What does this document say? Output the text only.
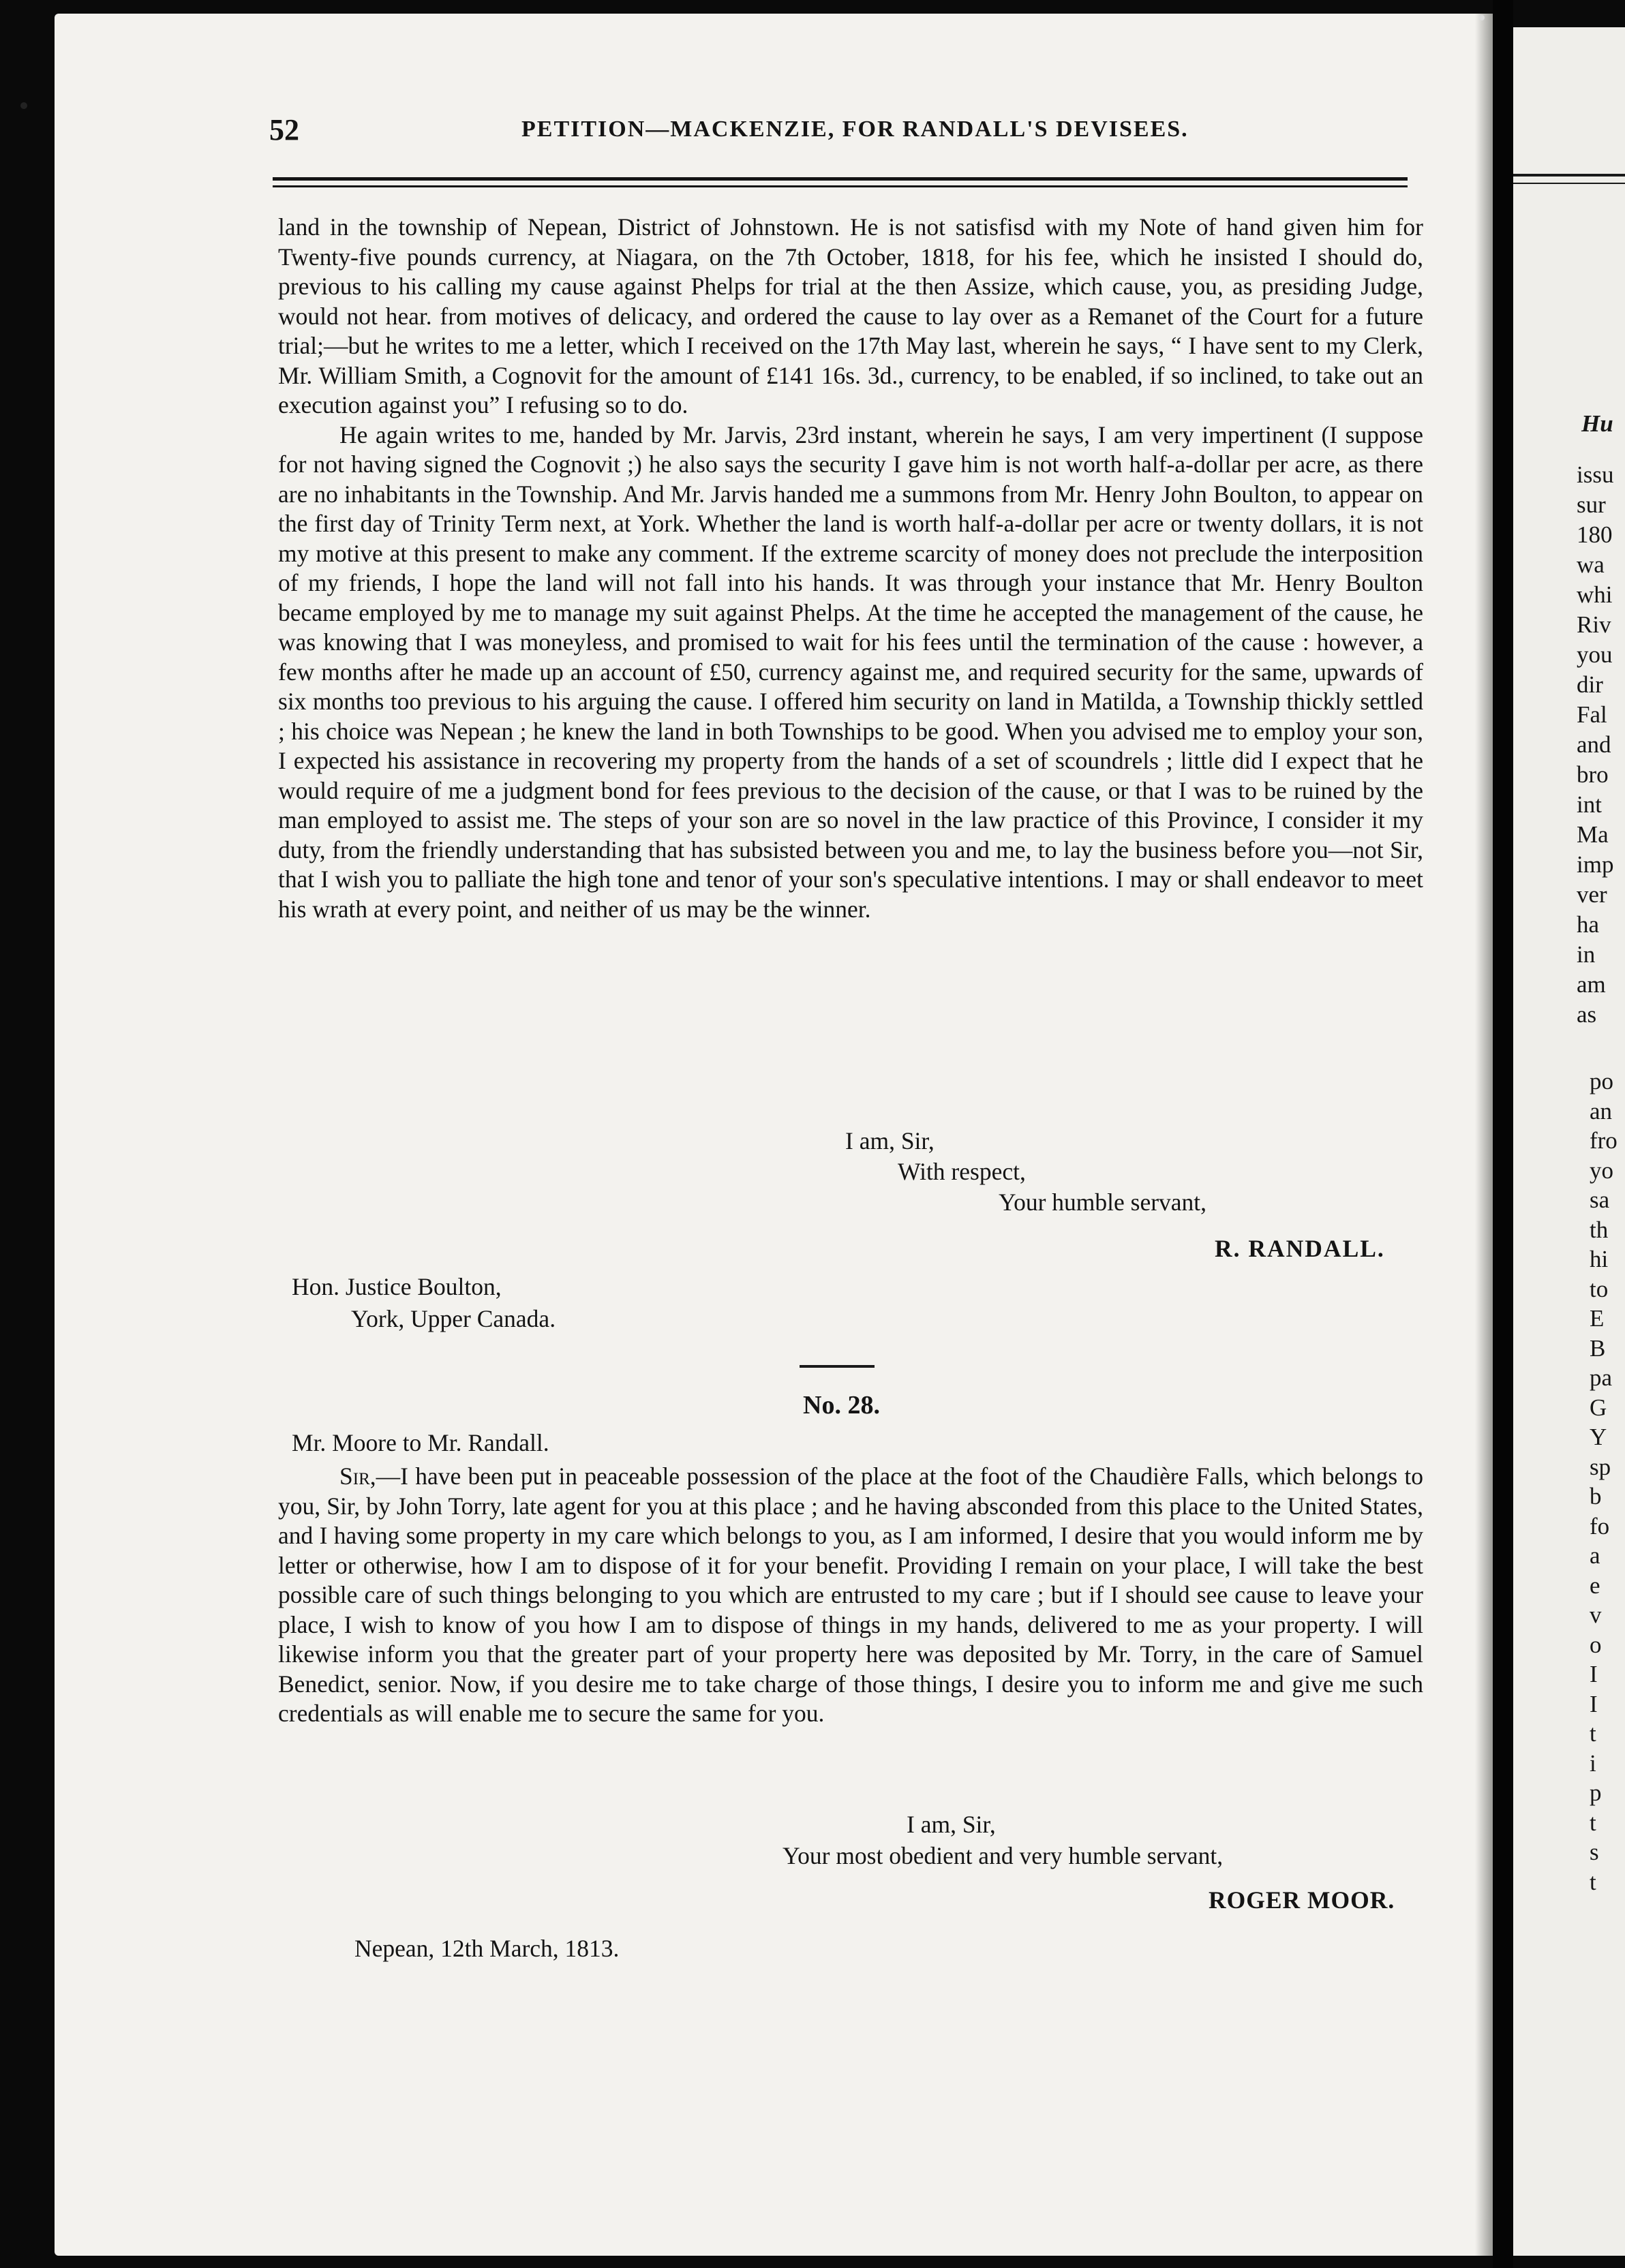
52	PETITION—MACKENZIE, FOR RANDALL'S DEVISEES.

land in the township of Nepean, District of Johnstown. He is not satisfisd with my Note of hand given him for Twenty-five pounds currency, at Niagara, on the 7th October, 1818, for his fee, which he insisted I should do, previous to his calling my cause against Phelps for trial at the then Assize, which cause, you, as presiding Judge, would not hear. from motives of delicacy, and ordered the cause to lay over as a Remanet of the Court for a future trial;—but he writes to me a letter, which I received on the 17th May last, wherein he says, “ I have sent to my Clerk, Mr. William Smith, a Cognovit for the amount of £141 16s. 3d., currency, to be enabled, if so inclined, to take out an execution against you” I refusing so to do.

He again writes to me, handed by Mr. Jarvis, 23rd instant, wherein he says, I am very impertinent (I suppose for not having signed the Cognovit ;) he also says the security I gave him is not worth half-a-dollar per acre, as there are no inhabitants in the Township. And Mr. Jarvis handed me a summons from Mr. Henry John Boulton, to appear on the first day of Trinity Term next, at York. Whether the land is worth half-a-dollar per acre or twenty dollars, it is not my motive at this present to make any comment. If the extreme scarcity of money does not preclude the interposition of my friends, I hope the land will not fall into his hands. It was through your instance that Mr. Henry Boulton became employed by me to manage my suit against Phelps. At the time he accepted the management of the cause, he was knowing that I was moneyless, and promised to wait for his fees until the termination of the cause : however, a few months after he made up an account of £50, currency against me, and required security for the same, upwards of six months too previous to his arguing the cause. I offered him security on land in Matilda, a Township thickly settled ; his choice was Nepean ; he knew the land in both Townships to be good. When you advised me to employ your son, I expected his assistance in recovering my property from the hands of a set of scoundrels ; little did I expect that he would require of me a judgment bond for fees previous to the decision of the cause, or that I was to be ruined by the man employed to assist me. The steps of your son are so novel in the law practice of this Province, I consider it my duty, from the friendly understanding that has subsisted between you and me, to lay the business before you—not Sir, that I wish you to palliate the high tone and tenor of your son's speculative intentions. I may or shall endeavor to meet his wrath at every point, and neither of us may be the winner.

I am, Sir,
With respect,
Your humble servant,
R. RANDALL.
Hon. Justice Boulton,
York, Upper Canada.
No. 28.
Mr. Moore to Mr. Randall.

Sir,—I have been put in peaceable possession of the place at the foot of the Chaudière Falls, which belongs to you, Sir, by John Torry, late agent for you at this place ; and he having absconded from this place to the United States, and I having some property in my care which belongs to you, as I am informed, I desire that you would inform me by letter or otherwise, how I am to dispose of it for your benefit. Providing I remain on your place, I will take the best possible care of such things belonging to you which are entrusted to my care ; but if I should see cause to leave your place, I wish to know of you how I am to dispose of things in my hands, delivered to me as your property. I will likewise inform you that the greater part of your property here was deposited by Mr. Torry, in the care of Samuel Benedict, senior. Now, if you desire me to take charge of those things, I desire you to inform me and give me such credentials as will enable me to secure the same for you.

I am, Sir,
Your most obedient and very humble servant,
ROGER MOOR.
Nepean, 12th March, 1813.
Hu
issu
sur
180
wa
whi
Riv
you
dir
Fal
and
bro
int
Ma
imp
ver
ha
in
am
as
po
an
fro
yo
sa
th
hi
to
E
B
pa
G
Y
sp
b
fo
a
e
v
o
I
I
t
i
p
t
s
t
